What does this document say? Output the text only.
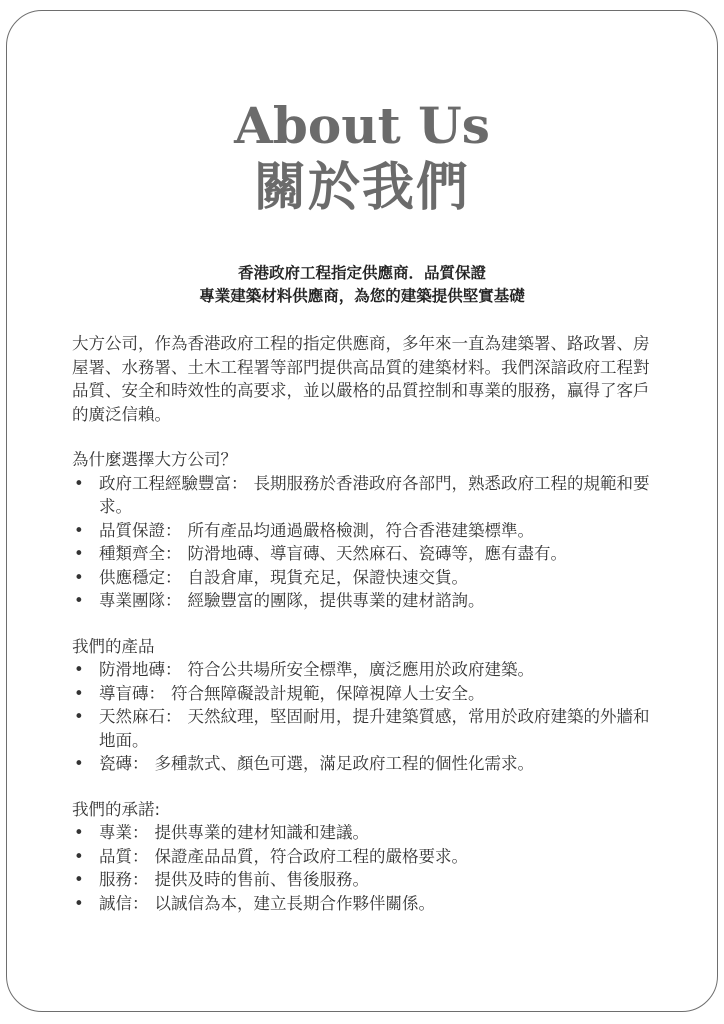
About Us
關於我們
香港政府工程指定供應商．品質保證
專業建築材料供應商，為您的建築提供堅實基礎

大方公司，作為香港政府工程的指定供應商，多年來一直為建築署、路政署、房屋署、水務署、土木工程署等部門提供高品質的建築材料。我們深諳政府工程對品質、安全和時效性的高要求，並以嚴格的品質控制和專業的服務，贏得了客戶的廣泛信賴。

為什麼選擇大方公司？

• 政府工程經驗豐富： 長期服務於香港政府各部門，熟悉政府工程的規範和要求。
• 品質保證： 所有產品均通過嚴格檢測，符合香港建築標準。
• 種類齊全： 防滑地磚、導盲磚、天然麻石、瓷磚等，應有盡有。
• 供應穩定： 自設倉庫，現貨充足，保證快速交貨。
• 專業團隊： 經驗豐富的團隊，提供專業的建材諮詢。

我們的產品

• 防滑地磚： 符合公共場所安全標準，廣泛應用於政府建築。
• 導盲磚： 符合無障礙設計規範，保障視障人士安全。
• 天然麻石： 天然紋理，堅固耐用，提升建築質感，常用於政府建築的外牆和地面。
• 瓷磚： 多種款式、顏色可選，滿足政府工程的個性化需求。

我們的承諾:

• 專業： 提供專業的建材知識和建議。
• 品質： 保證產品品質，符合政府工程的嚴格要求。
• 服務： 提供及時的售前、售後服務。
• 誠信： 以誠信為本，建立長期合作夥伴關係。
